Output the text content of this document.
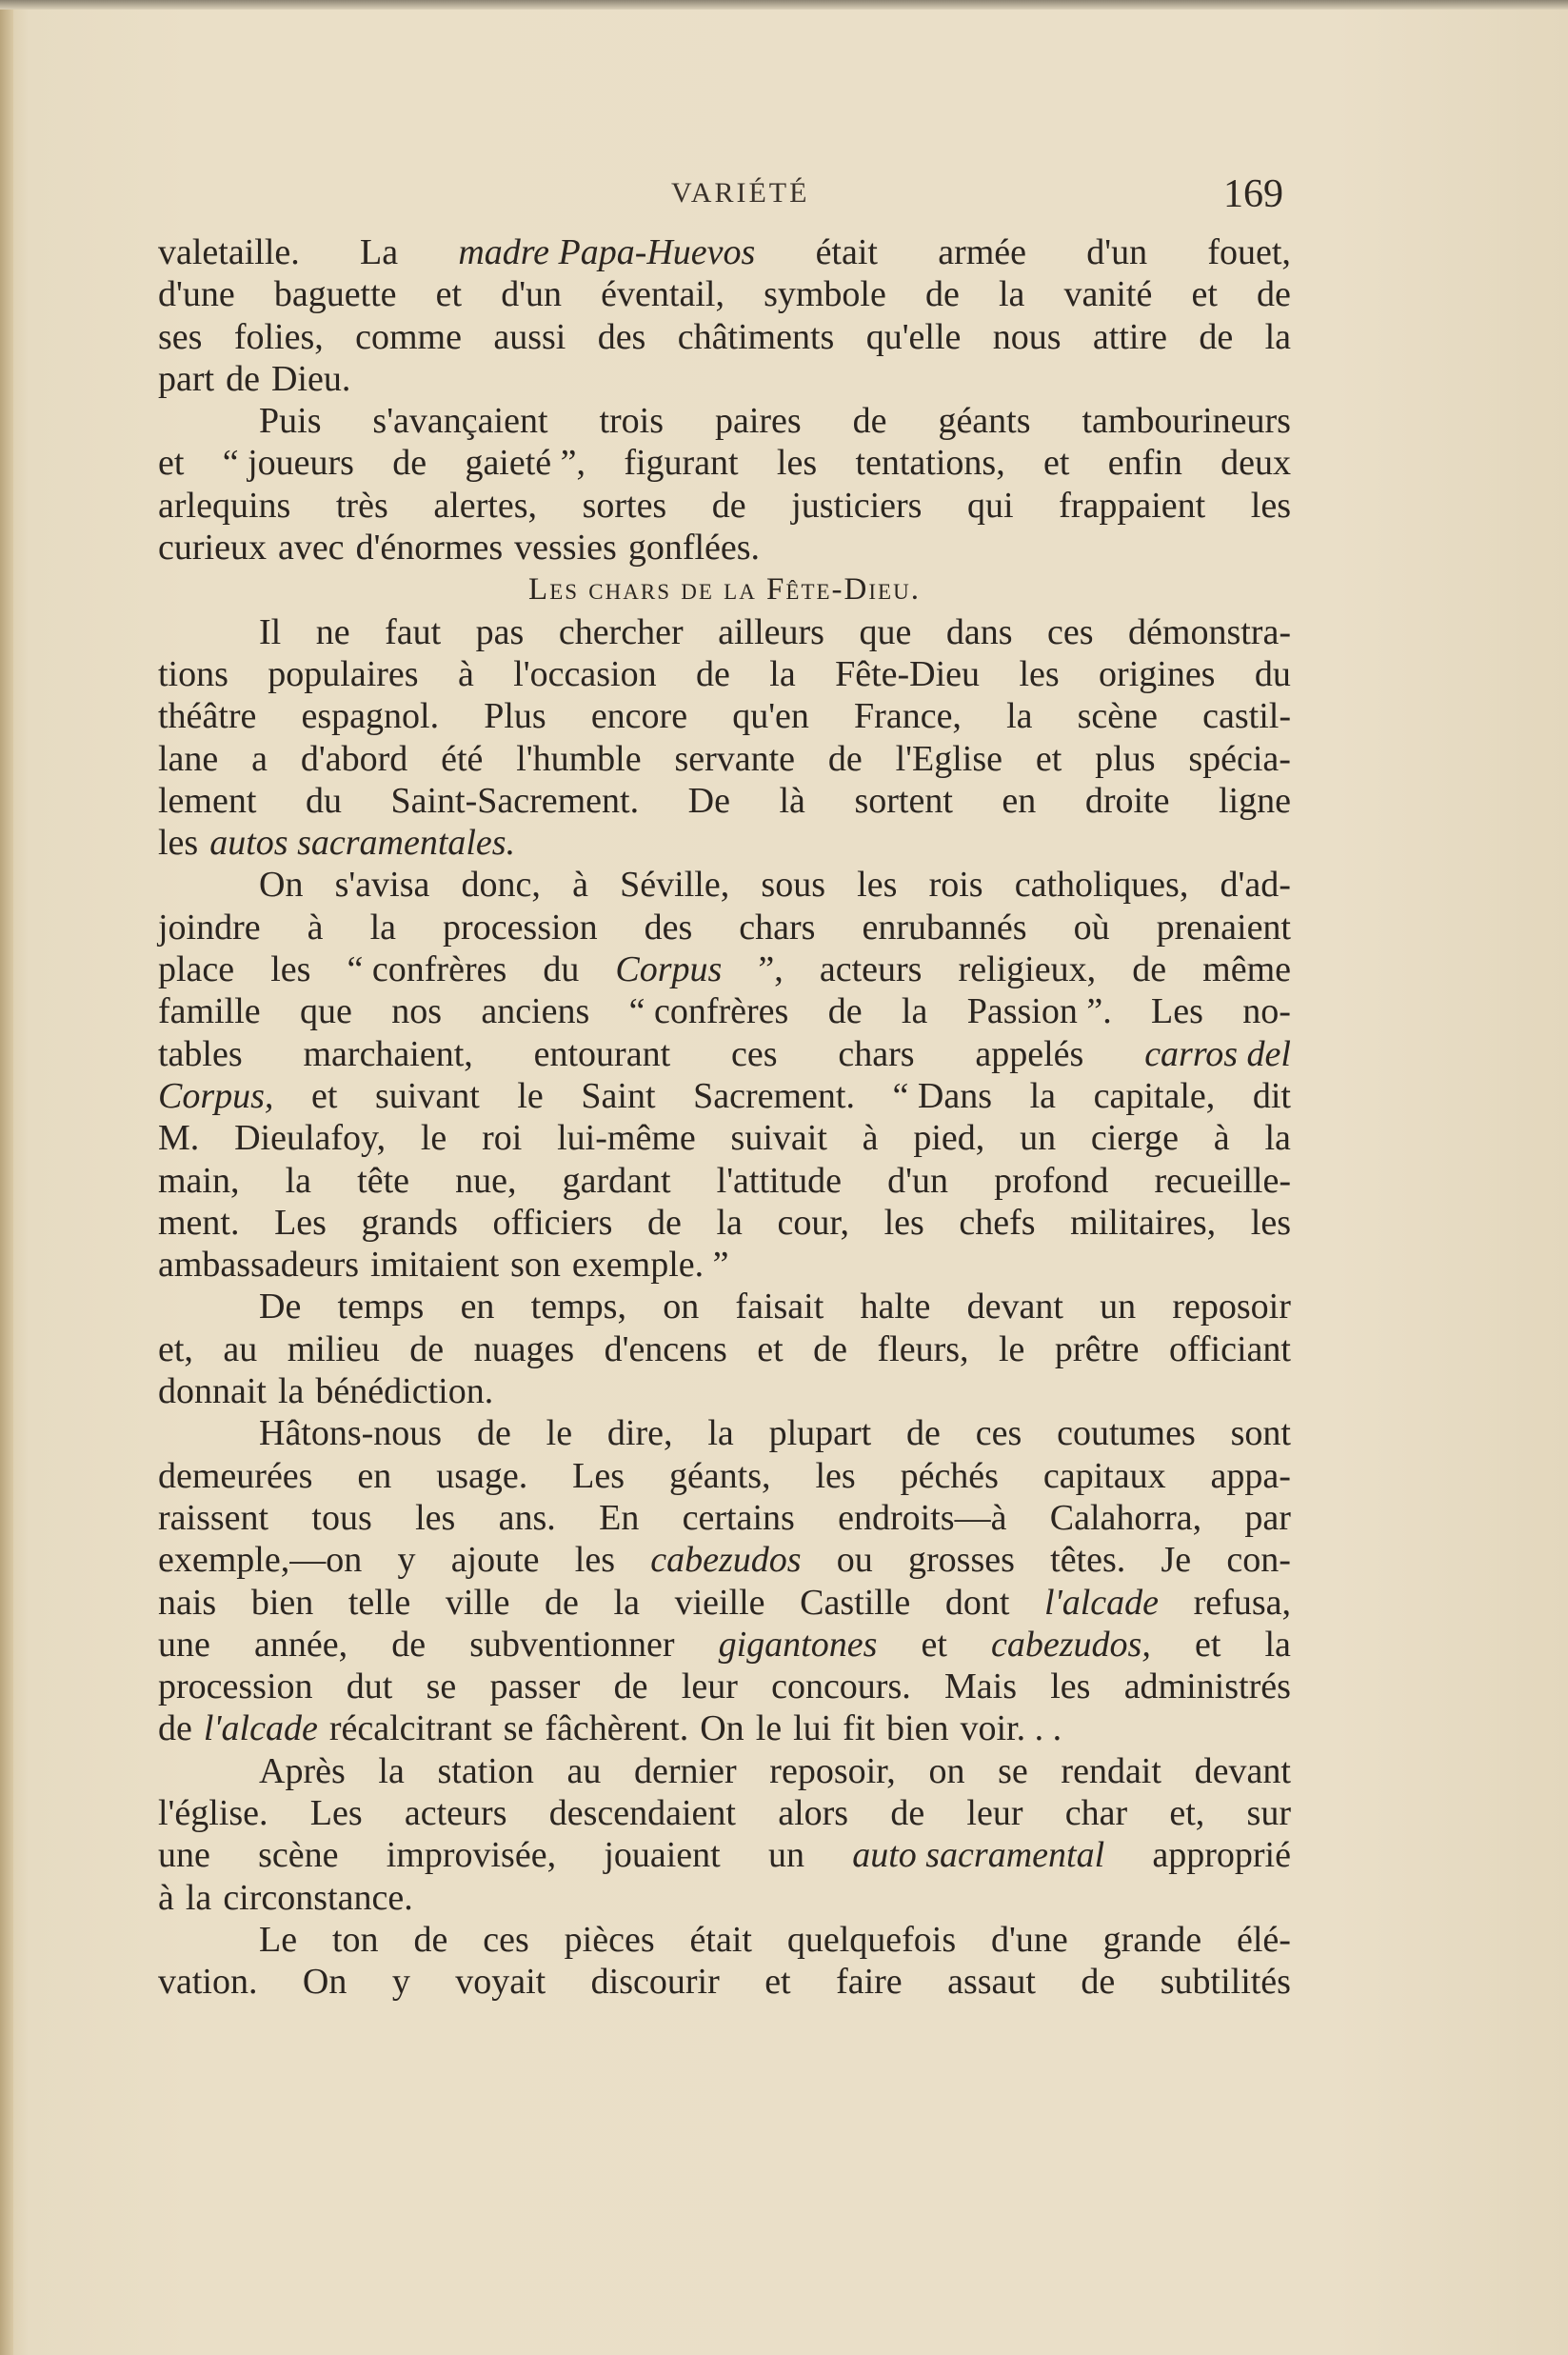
VARIÉTÉ	169
valetaille. La madre Papa-Huevos était armée d'un fouet,
d'une baguette et d'un éventail, symbole de la vanité et de
ses folies, comme aussi des châtiments qu'elle nous attire de la
part de Dieu.
Puis s'avançaient trois paires de géants tambourineurs
et “ joueurs de gaieté ”, figurant les tentations, et enfin deux
arlequins très alertes, sortes de justiciers qui frappaient les
curieux avec d'énormes vessies gonflées.
Les chars de la Fête-Dieu.
Il ne faut pas chercher ailleurs que dans ces démonstra-
tions populaires à l'occasion de la Fête-Dieu les origines du
théâtre espagnol. Plus encore qu'en France, la scène castil-
lane a d'abord été l'humble servante de l'Eglise et plus spécia-
lement du Saint-Sacrement. De là sortent en droite ligne
les autos sacramentales.
On s'avisa donc, à Séville, sous les rois catholiques, d'ad-
joindre à la procession des chars enrubannés où prenaient
place les “ confrères du Corpus ”, acteurs religieux, de même
famille que nos anciens “ confrères de la Passion ”. Les no-
tables marchaient, entourant ces chars appelés carros del
Corpus, et suivant le Saint Sacrement. “ Dans la capitale, dit
M. Dieulafoy, le roi lui-même suivait à pied, un cierge à la
main, la tête nue, gardant l'attitude d'un profond recueille-
ment. Les grands officiers de la cour, les chefs militaires, les
ambassadeurs imitaient son exemple. ”
De temps en temps, on faisait halte devant un reposoir
et, au milieu de nuages d'encens et de fleurs, le prêtre officiant
donnait la bénédiction.
Hâtons-nous de le dire, la plupart de ces coutumes sont
demeurées en usage. Les géants, les péchés capitaux appa-
raissent tous les ans. En certains endroits—à Calahorra, par
exemple,—on y ajoute les cabezudos ou grosses têtes. Je con-
nais bien telle ville de la vieille Castille dont l'alcade refusa,
une année, de subventionner gigantones et cabezudos, et la
procession dut se passer de leur concours. Mais les administrés
de l'alcade récalcitrant se fâchèrent. On le lui fit bien voir. . .
Après la station au dernier reposoir, on se rendait devant
l'église. Les acteurs descendaient alors de leur char et, sur
une scène improvisée, jouaient un auto sacramental approprié
à la circonstance.
Le ton de ces pièces était quelquefois d'une grande élé-
vation. On y voyait discourir et faire assaut de subtilités
